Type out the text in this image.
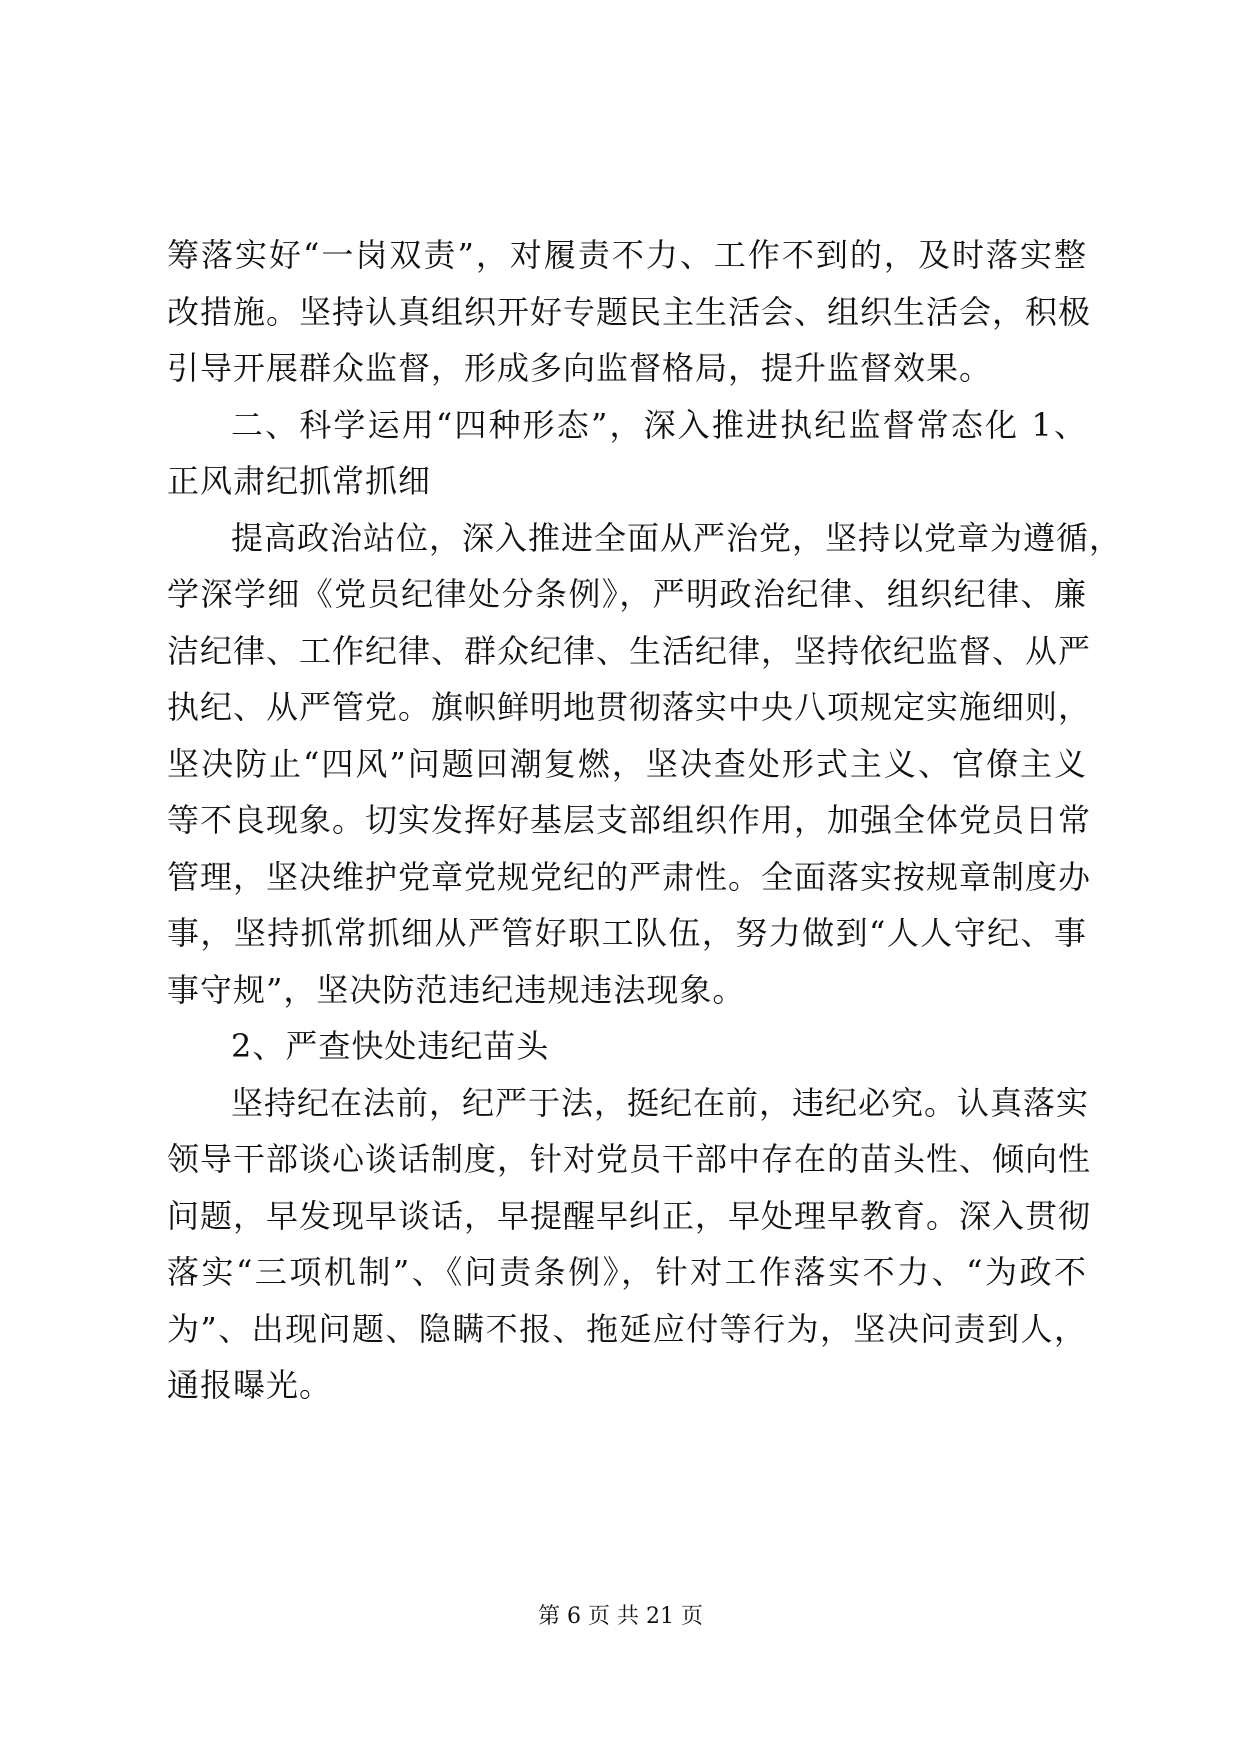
筹落实好“一岗双责”，对履责不力、工作不到的，及时落实整
改措施。坚持认真组织开好专题民主生活会、组织生活会，积极
引导开展群众监督，形成多向监督格局，提升监督效果。
二、科学运用“四种形态”，深入推进执纪监督常态化 1、
正风肃纪抓常抓细
提高政治站位，深入推进全面从严治党，坚持以党章为遵循，
学深学细《党员纪律处分条例》，严明政治纪律、组织纪律、廉
洁纪律、工作纪律、群众纪律、生活纪律，坚持依纪监督、从严
执纪、从严管党。旗帜鲜明地贯彻落实中央八项规定实施细则，
坚决防止“四风”问题回潮复燃，坚决查处形式主义、官僚主义
等不良现象。切实发挥好基层支部组织作用，加强全体党员日常
管理，坚决维护党章党规党纪的严肃性。全面落实按规章制度办
事，坚持抓常抓细从严管好职工队伍，努力做到“人人守纪、事
事守规”，坚决防范违纪违规违法现象。
2、严查快处违纪苗头
坚持纪在法前，纪严于法，挺纪在前，违纪必究。认真落实
领导干部谈心谈话制度，针对党员干部中存在的苗头性、倾向性
问题，早发现早谈话，早提醒早纠正，早处理早教育。深入贯彻
落实“三项机制”、《问责条例》，针对工作落实不力、“为政不
为”、出现问题、隐瞒不报、拖延应付等行为，坚决问责到人，
通报曝光。
第 6 页 共 21 页
